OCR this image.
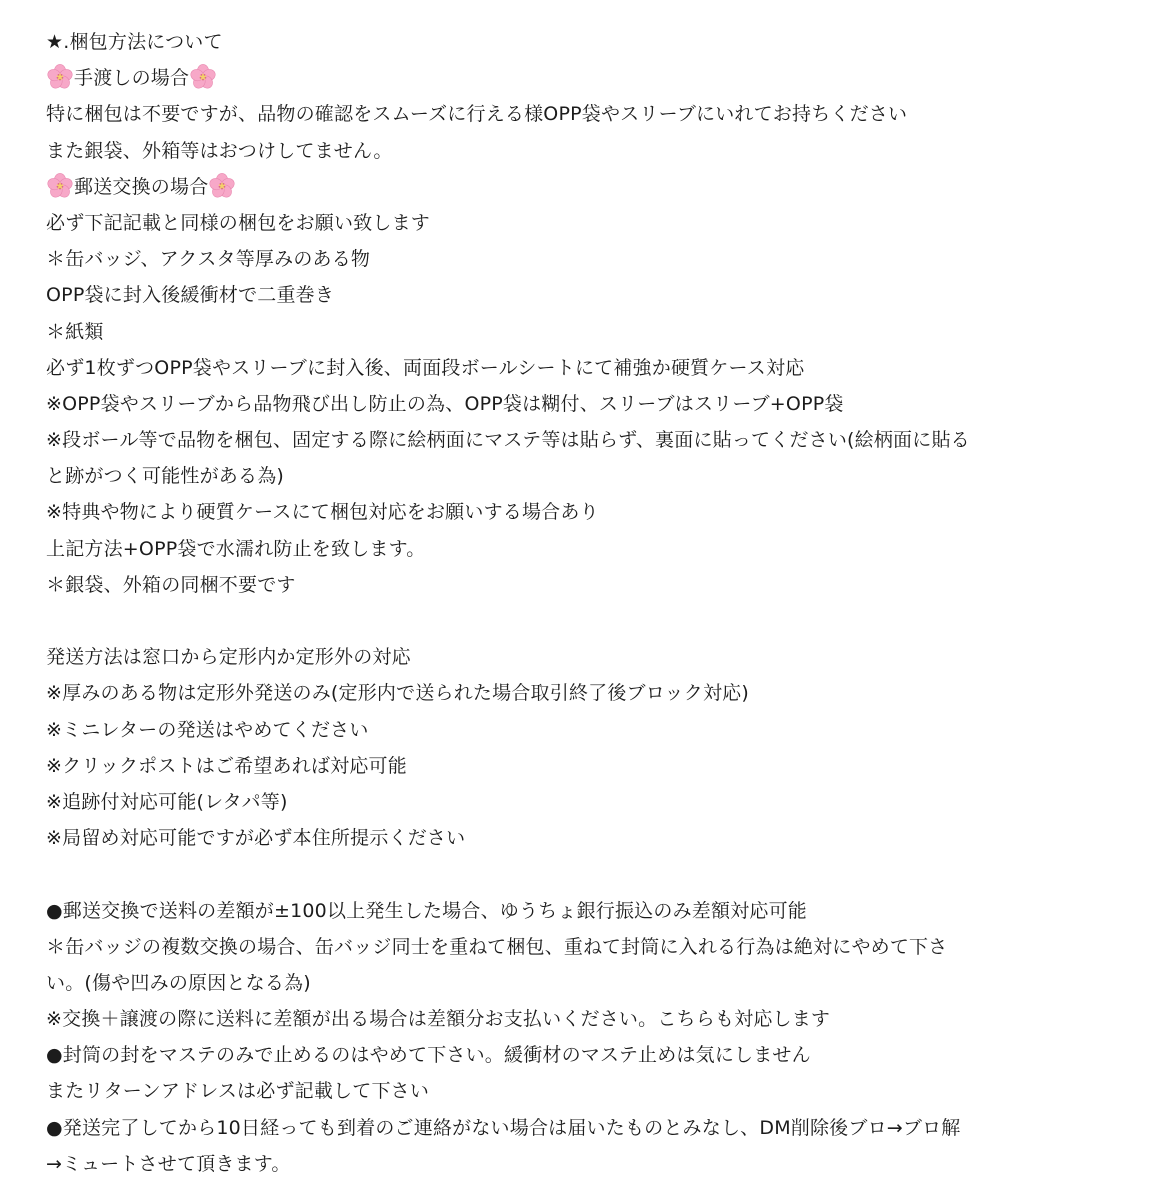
★.梱包方法について
手渡しの場合
特に梱包は不要ですが、品物の確認をスムーズに行える様OPP袋やスリーブにいれてお持ちください
また銀袋、外箱等はおつけしてません。
郵送交換の場合
必ず下記記載と同様の梱包をお願い致します
＊缶バッジ、アクスタ等厚みのある物
OPP袋に封入後緩衝材で二重巻き
＊紙類
必ず1枚ずつOPP袋やスリーブに封入後、両面段ボールシートにて補強か硬質ケース対応
※OPP袋やスリーブから品物飛び出し防止の為、OPP袋は糊付、スリーブはスリーブ+OPP袋
※段ボール等で品物を梱包、固定する際に絵柄面にマステ等は貼らず、裏面に貼ってください(絵柄面に貼る
と跡がつく可能性がある為)
※特典や物により硬質ケースにて梱包対応をお願いする場合あり
上記方法+OPP袋で水濡れ防止を致します。
＊銀袋、外箱の同梱不要です
発送方法は窓口から定形内か定形外の対応
※厚みのある物は定形外発送のみ(定形内で送られた場合取引終了後ブロック対応)
※ミニレターの発送はやめてください
※クリックポストはご希望あれば対応可能
※追跡付対応可能(レタパ等)
※局留め対応可能ですが必ず本住所提示ください
●郵送交換で送料の差額が±100以上発生した場合、ゆうちょ銀行振込のみ差額対応可能
＊缶バッジの複数交換の場合、缶バッジ同士を重ねて梱包、重ねて封筒に入れる行為は絶対にやめて下さ
い。(傷や凹みの原因となる為)
※交換＋譲渡の際に送料に差額が出る場合は差額分お支払いください。こちらも対応します
●封筒の封をマステのみで止めるのはやめて下さい。緩衝材のマステ止めは気にしません
またリターンアドレスは必ず記載して下さい
●発送完了してから10日経っても到着のご連絡がない場合は届いたものとみなし、DM削除後ブロ→ブロ解
→ミュートさせて頂きます。
